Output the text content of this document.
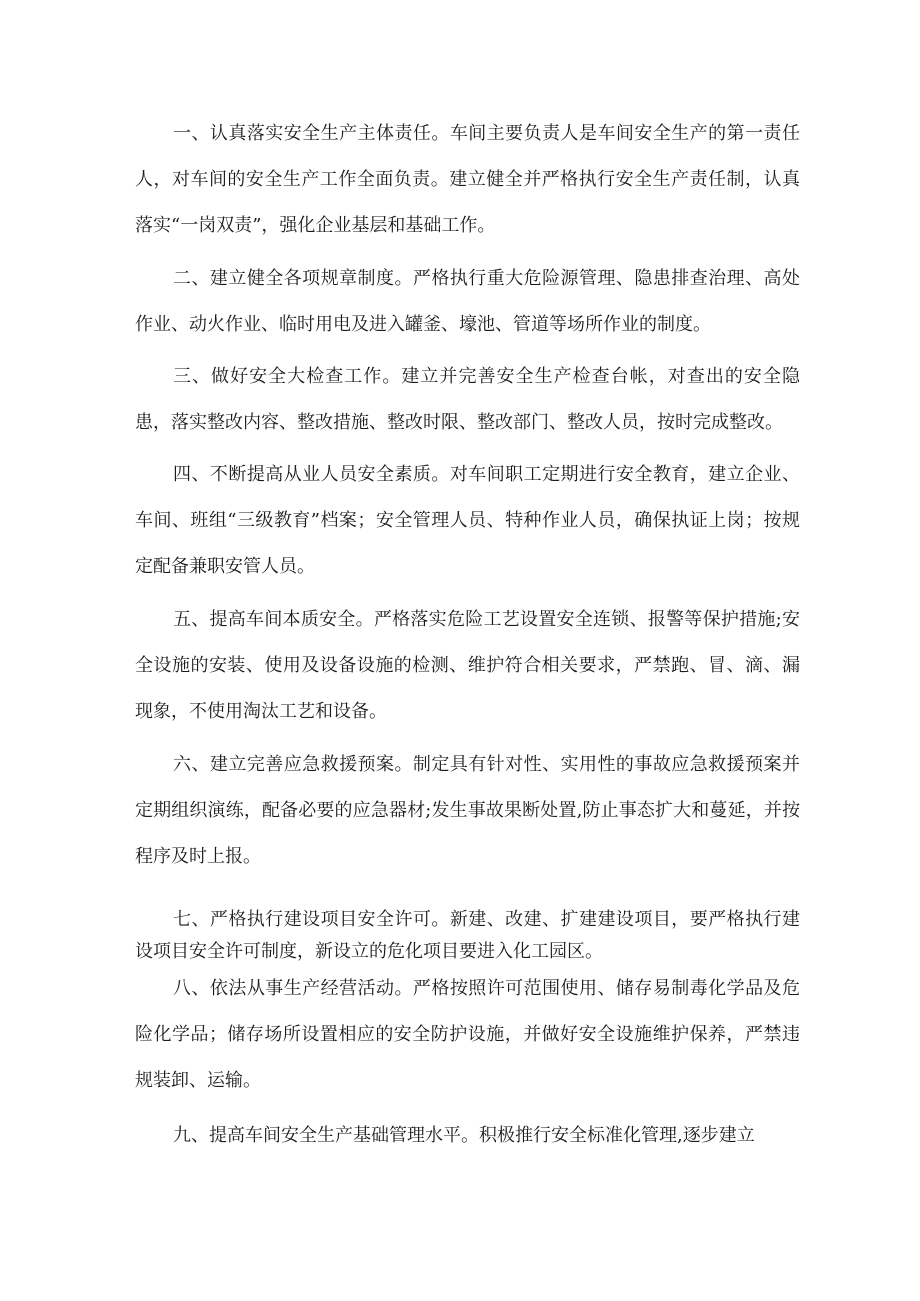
一、认真落实安全生产主体责任。车间主要负责人是车间安全生产的第一责任人，对车间的安全生产工作全面负责。建立健全并严格执行安全生产责任制，认真落实“一岗双责”，强化企业基层和基础工作。

二、建立健全各项规章制度。严格执行重大危险源管理、隐患排查治理、高处作业、动火作业、临时用电及进入罐釜、壕池、管道等场所作业的制度。

三、做好安全大检查工作。建立并完善安全生产检查台帐，对查出的安全隐患，落实整改内容、整改措施、整改时限、整改部门、整改人员，按时完成整改。

四、不断提高从业人员安全素质。对车间职工定期进行安全教育，建立企业、车间、班组“三级教育”档案；安全管理人员、特种作业人员，确保执证上岗；按规定配备兼职安管人员。

五、提高车间本质安全。严格落实危险工艺设置安全连锁、报警等保护措施;安全设施的安装、使用及设备设施的检测、维护符合相关要求，严禁跑、冒、滴、漏现象，不使用淘汰工艺和设备。

六、建立完善应急救援预案。制定具有针对性、实用性的事故应急救援预案并定期组织演练，配备必要的应急器材;发生事故果断处置,防止事态扩大和蔓延，并按程序及时上报。

七、严格执行建设项目安全许可。新建、改建、扩建建设项目，要严格执行建设项目安全许可制度，新设立的危化项目要进入化工园区。

八、依法从事生产经营活动。严格按照许可范围使用、储存易制毒化学品及危险化学品；储存场所设置相应的安全防护设施，并做好安全设施维护保养，严禁违规装卸、运输。

九、提高车间安全生产基础管理水平。积极推行安全标准化管理,逐步建立
